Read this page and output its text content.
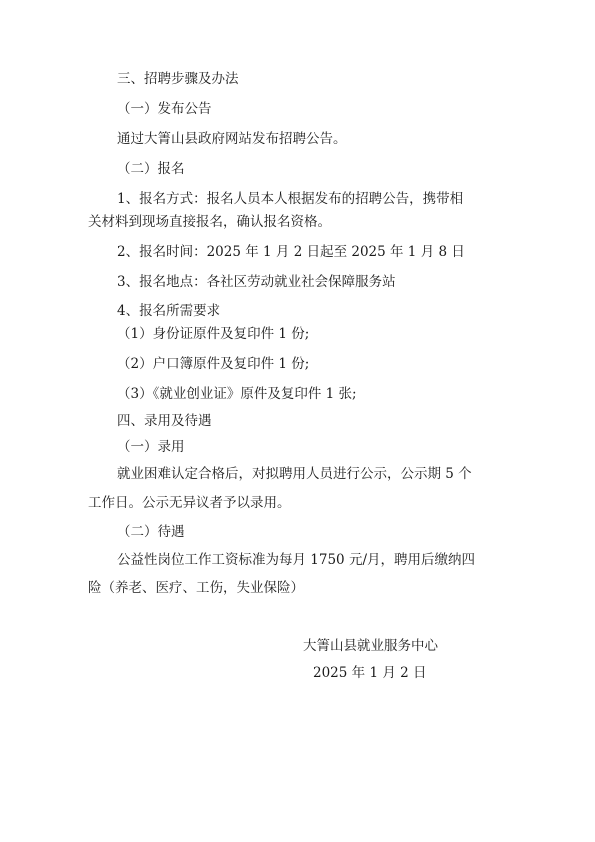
三、招聘步骤及办法
（一）发布公告
通过大箐山县政府网站发布招聘公告。
（二）报名
1、报名方式：报名人员本人根据发布的招聘公告，携带相
关材料到现场直接报名，确认报名资格。
2、报名时间：2025 年 1 月 2 日起至 2025 年 1 月 8 日
3、报名地点：各社区劳动就业社会保障服务站
4、报名所需要求
（1）身份证原件及复印件 1 份;
（2）户口簿原件及复印件 1 份;
（3）《就业创业证》原件及复印件 1 张;
四、录用及待遇
（一）录用
就业困难认定合格后，对拟聘用人员进行公示，公示期 5 个
工作日。公示无异议者予以录用。
（二）待遇
公益性岗位工作工资标准为每月 1750 元/月，聘用后缴纳四
险（养老、医疗、工伤，失业保险）
大箐山县就业服务中心
2025 年 1 月 2 日
